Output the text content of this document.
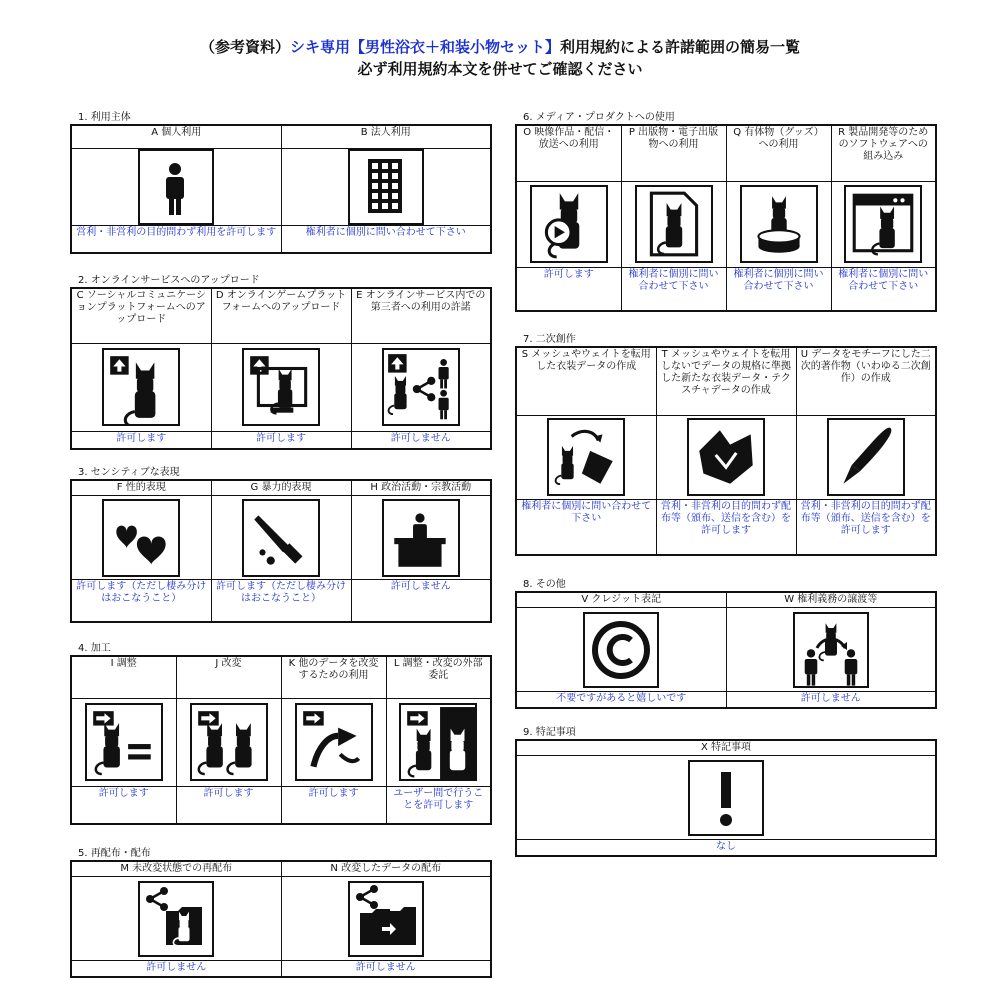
（参考資料）シキ専用【男性浴衣＋和装小物セット】利用規約による許諾範囲の簡易一覧
必ず利用規約本文を併せてご確認ください
1. 利用主体
A 個人利用	B 法人利用

営利・非営利の目的問わず利用を許可します	権利者に個別に問い合わせて下さい
2. オンラインサービスへのアップロード
C ソーシャルコミュニケーションプラットフォームへのアップロード	D オンラインゲームプラットフォームへのアップロード	E オンラインサービス内での第三者への利用の許諾

許可します	許可します	許可しません
3. センシティブな表現
F 性的表現	G 暴力的表現	H 政治活動・宗教活動

許可します（ただし棲み分けはおこなうこと）	許可します（ただし棲み分けはおこなうこと）	許可しません
4. 加工
I 調整	J 改変	K 他のデータを改変するための利用	L 調整・改変の外部委託

許可します	許可します	許可します	ユーザー間で行うことを許可します
5. 再配布・配布
M 未改変状態での再配布	N 改変したデータの配布

許可しません	許可しません
6. メディア・プロダクトへの使用
O 映像作品・配信・放送への利用	P 出版物・電子出版物への利用	Q 有体物（グッズ）への利用	R 製品開発等のためのソフトウェアへの組み込み

許可します	権利者に個別に問い合わせて下さい	権利者に個別に問い合わせて下さい	権利者に個別に問い合わせて下さい
7. 二次創作
S メッシュやウェイトを転用した衣装データの作成	T メッシュやウェイトを転用しないでデータの規格に準拠した新たな衣装データ・テクスチャデータの作成	U データをモチーフにした二次的著作物（いわゆる二次創作）の作成

権利者に個別に問い合わせて下さい	営利・非営利の目的問わず配布等（頒布、送信を含む）を許可します	営利・非営利の目的問わず配布等（頒布、送信を含む）を許可します
8. その他
V クレジット表記	W 権利義務の譲渡等

不要ですがあると嬉しいです	許可しません
9. 特記事項
X 特記事項

なし
